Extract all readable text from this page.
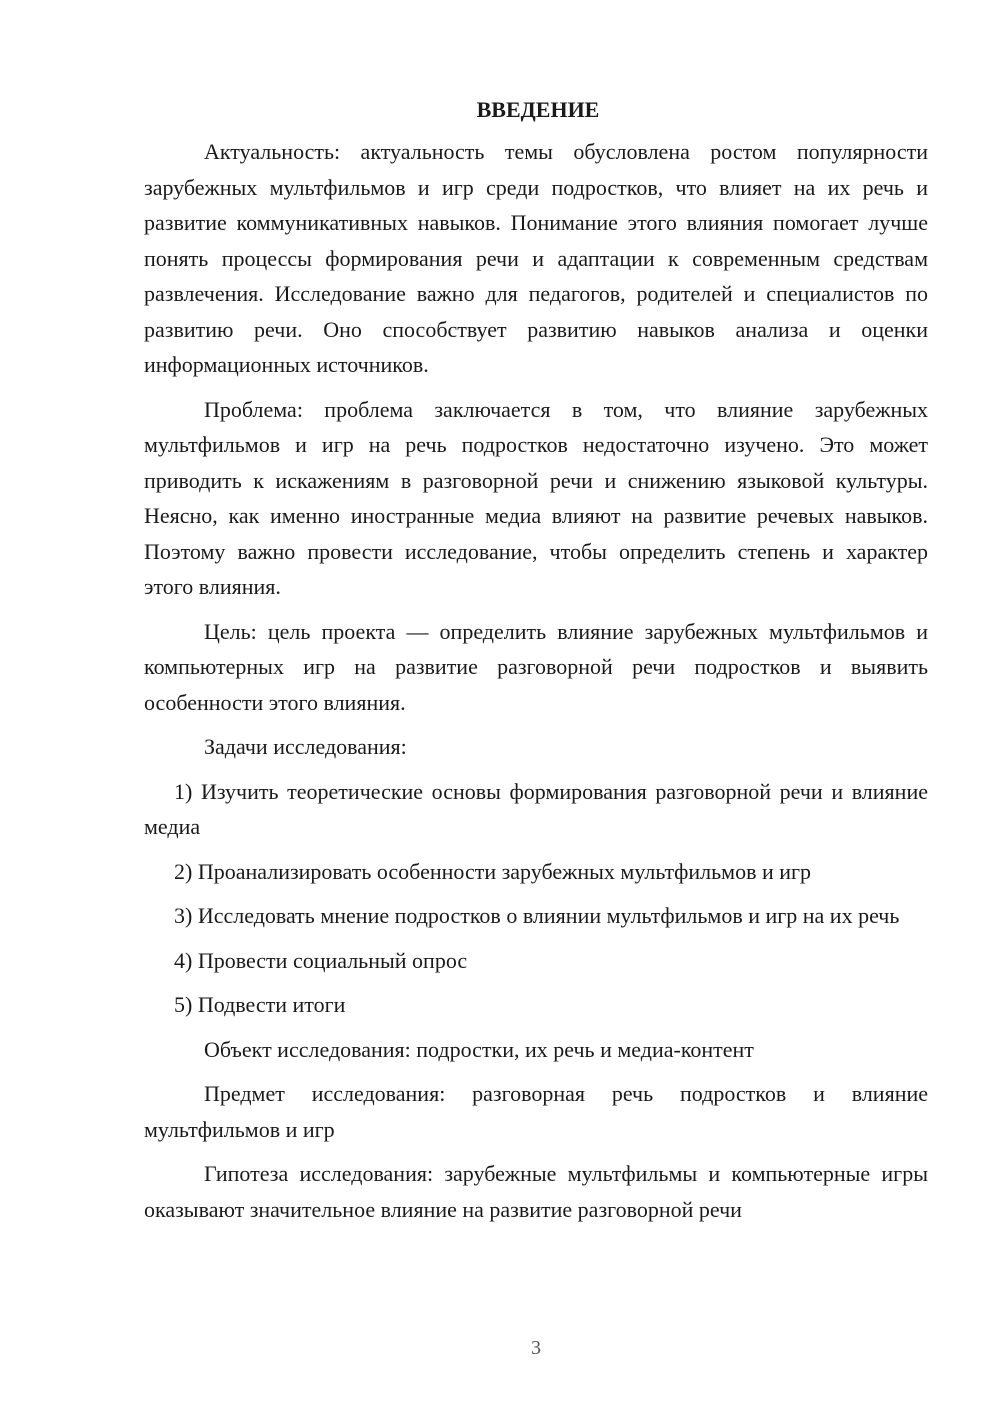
ВВЕДЕНИЕ

Актуальность: актуальность темы обусловлена ростом популярности зарубежных мультфильмов и игр среди подростков, что влияет на их речь и развитие коммуникативных навыков. Понимание этого влияния помогает лучше понять процессы формирования речи и адаптации к современным средствам развлечения. Исследование важно для педагогов, родителей и специалистов по развитию речи. Оно способствует развитию навыков анализа и оценки информационных источников.

Проблема: проблема заключается в том, что влияние зарубежных мультфильмов и игр на речь подростков недостаточно изучено. Это может приводить к искажениям в разговорной речи и снижению языковой культуры. Неясно, как именно иностранные медиа влияют на развитие речевых навыков. Поэтому важно провести исследование, чтобы определить степень и характер этого влияния.

Цель: цель проекта — определить влияние зарубежных мультфильмов и компьютерных игр на развитие разговорной речи подростков и выявить особенности этого влияния.

Задачи исследования:

1) Изучить теоретические основы формирования разговорной речи и влияние медиа

2) Проанализировать особенности зарубежных мультфильмов и игр

3) Исследовать мнение подростков о влиянии мультфильмов и игр на их речь

4) Провести социальный опрос

5) Подвести итоги

Объект исследования: подростки, их речь и медиа-контент

Предмет исследования: разговорная речь подростков и влияние мультфильмов и игр

Гипотеза исследования: зарубежные мультфильмы и компьютерные игры оказывают значительное влияние на развитие разговорной речи

3
